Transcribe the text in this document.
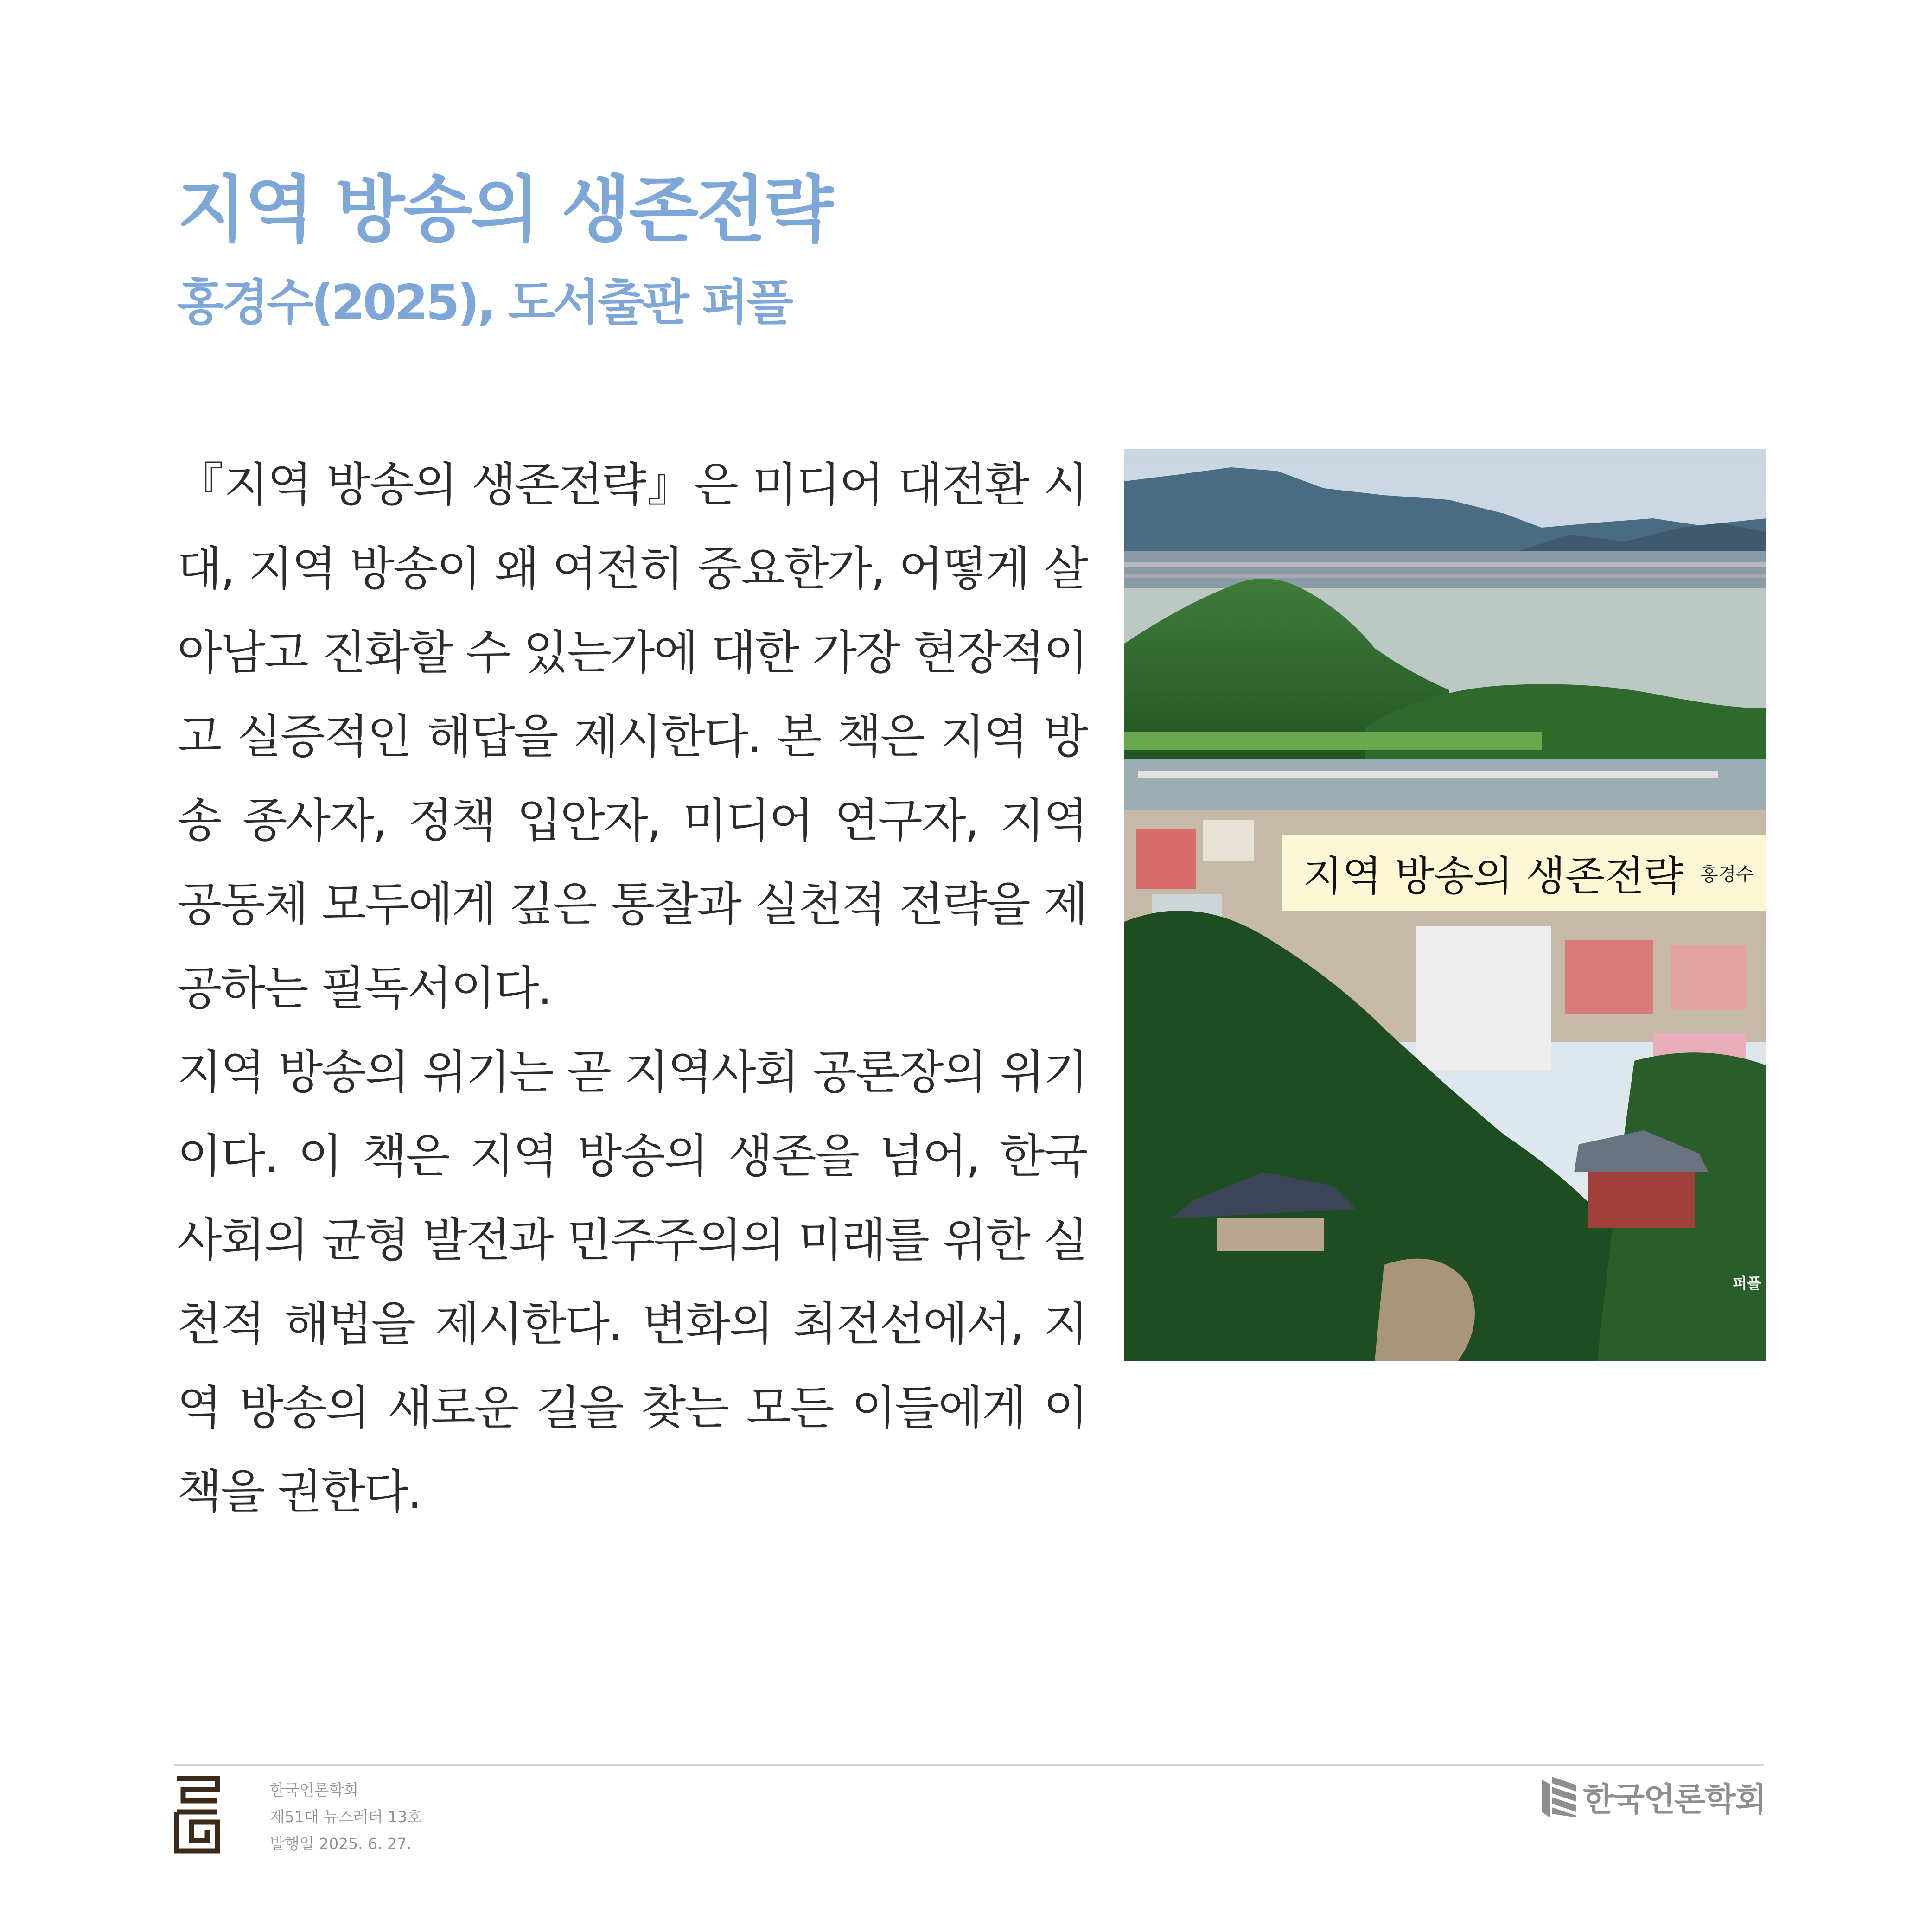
지역 방송의 생존전략
홍경수(2025), 도서출판 퍼플

『지역 방송의 생존전략』은 미디어 대전환 시대, 지역 방송이 왜 여전히 중요한가, 어떻게 살아남고 진화할 수 있는가에 대한 가장 현장적이고 실증적인 해답을 제시한다. 본 책은 지역 방송 종사자, 정책 입안자, 미디어 연구자, 지역 공동체 모두에게 깊은 통찰과 실천적 전략을 제공하는 필독서이다.

지역 방송의 위기는 곧 지역사회 공론장의 위기이다. 이 책은 지역 방송의 생존을 넘어, 한국 사회의 균형 발전과 민주주의의 미래를 위한 실천적 해법을 제시한다. 변화의 최전선에서, 지역 방송의 새로운 길을 찾는 모든 이들에게 이 책을 권한다.

지역 방송의 생존전략 홍경수
퍼플
한국언론학회
제51대 뉴스레터 13호
발행일 2025. 6. 27.
한국언론학회
